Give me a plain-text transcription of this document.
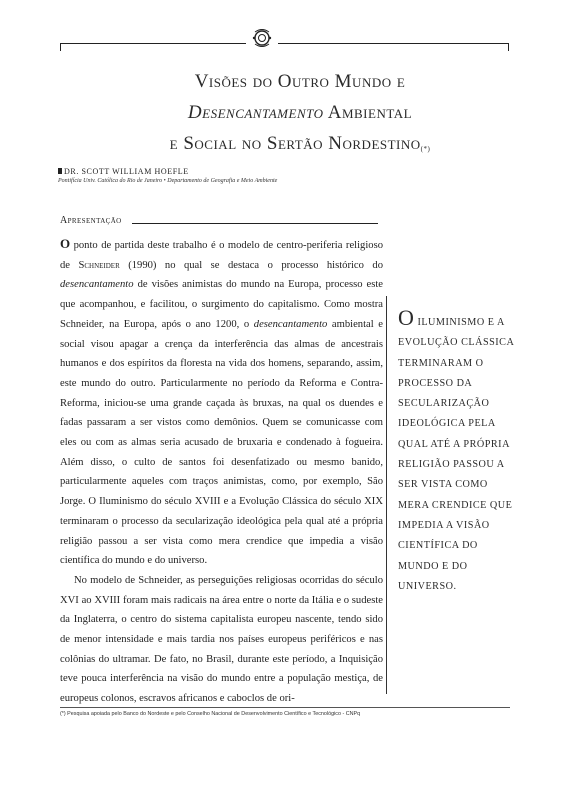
Visões do Outro Mundo e
Desencantamento Ambiental
e Social no Sertão Nordestino(*)
DR. SCOTT WILLIAM HOEFLE
Pontifícia Univ. Católica do Rio de Janeiro • Departamento de Geografia e Meio Ambiente
Apresentação

O ponto de partida deste trabalho é o modelo de centro-periferia religioso de Schneider (1990) no qual se destaca o processo histórico do desencantamento de visões animistas do mundo na Europa, processo este que acompanhou, e facilitou, o surgimento do capitalismo. Como mostra Schneider, na Europa, após o ano 1200, o desencantamento ambiental e social visou apagar a crença da interferência das almas de ancestrais humanos e dos espíritos da floresta na vida dos homens, separando, assim, este mundo do outro. Particularmente no período da Reforma e Contra-Reforma, iniciou-se uma grande caçada às bruxas, na qual os duendes e fadas passaram a ser vistos como demônios. Quem se comunicasse com eles ou com as almas seria acusado de bruxaria e condenado à fogueira. Além disso, o culto de santos foi desenfatizado ou mesmo banido, particularmente aqueles com traços animistas, como, por exemplo, São Jorge. O Iluminismo do século XVIII e a Evolução Clássica do século XIX terminaram o processo da secularização ideológica pela qual até a própria religião passou a ser vista como mera crendice que impedia a visão científica do mundo e do universo.

No modelo de Schneider, as perseguições religiosas ocorridas do século XVI ao XVIII foram mais radicais na área entre o norte da Itália e o sudeste da Inglaterra, o centro do sistema capitalista europeu nascente, tendo sido de menor intensidade e mais tardia nos países europeus periféricos e nas colônias do ultramar. De fato, no Brasil, durante este período, a Inquisição teve pouca interferência na visão do mundo entre a população mestiça, de europeus colonos, escravos africanos e caboclos de ori-

O ILUMINISMO E A EVOLUÇÃO CLÁSSICA TERMINARAM O PROCESSO DA SECULARIZAÇÃO IDEOLÓGICA PELA QUAL ATÉ A PRÓPRIA RELIGIÃO PASSOU A SER VISTA COMO MERA CRENDICE QUE IMPEDIA A VISÃO CIENTÍFICA DO MUNDO E DO UNIVERSO.
(*) Pesquisa apoiada pelo Banco do Nordeste e pelo Conselho Nacional de Desenvolvimento Científico e Tecnológico - CNPq
